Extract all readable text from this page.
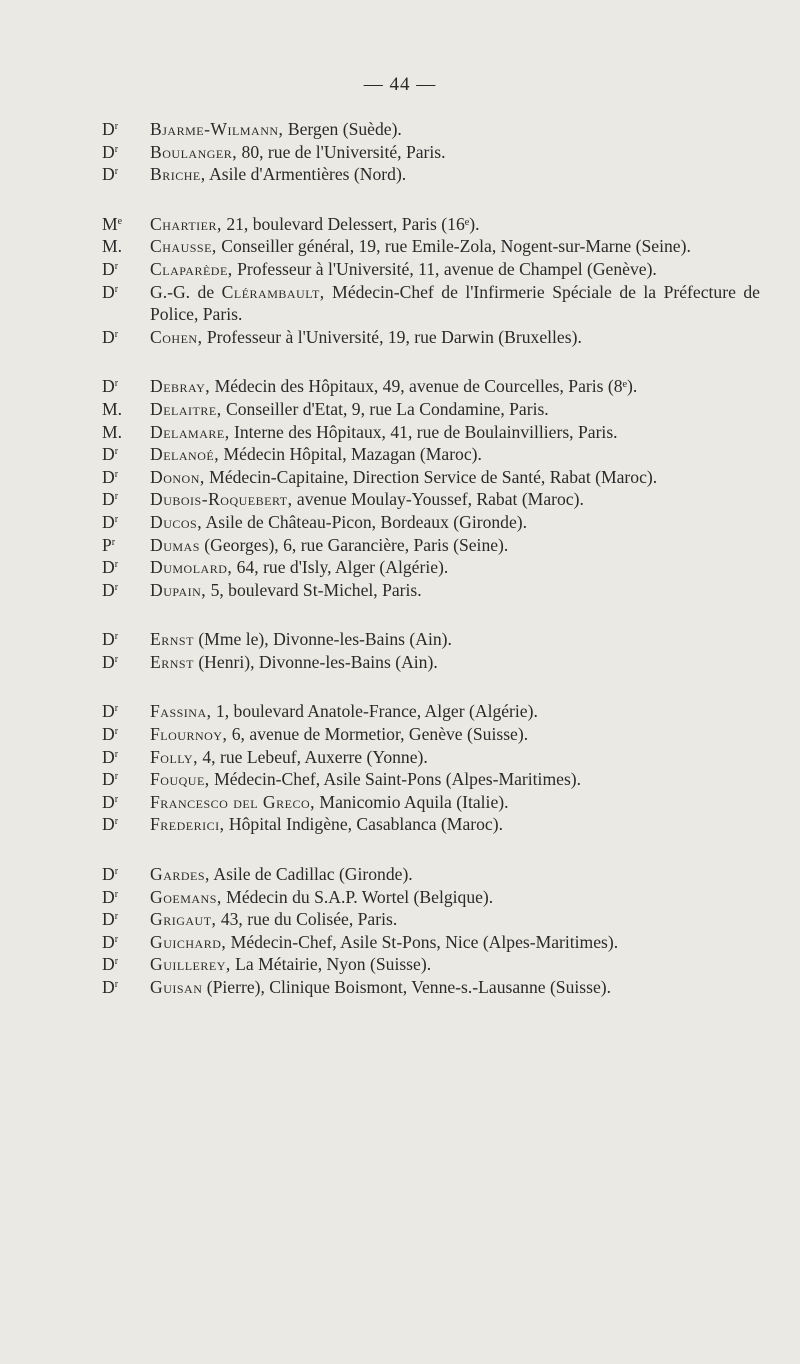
— 44 —
$D^r$	Bjarme-Wilmann, Bergen (Suède).
$D^r$	Boulanger, 80, rue de l'Université, Paris.
$D^r$	Briche, Asile d'Armentières (Nord).
Me	Chartier, 21, boulevard Delessert, Paris (16ᵉ).
M.	Chausse, Conseiller général, 19, rue Emile-Zola, Nogent-sur-Marne (Seine).
$D^r$	Claparède, Professeur à l'Université, 11, avenue de Champel (Genève).
$D^r$	G.-G. de Clérambault, Médecin-Chef de l'Infirmerie Spéciale de la Préfecture de Police, Paris.
$D^r$	Cohen, Professeur à l'Université, 19, rue Darwin (Bruxelles).
$D^r$	Debray, Médecin des Hôpitaux, 49, avenue de Courcelles, Paris (8ᵉ).
M.	Delaitre, Conseiller d'Etat, 9, rue La Condamine, Paris.
M.	Delamare, Interne des Hôpitaux, 41, rue de Boulainvilliers, Paris.
$D^r$	Delanoé, Médecin Hôpital, Mazagan (Maroc).
$D^r$	Donon, Médecin-Capitaine, Direction Service de Santé, Rabat (Maroc).
$D^r$	Dubois-Roquebert, avenue Moulay-Youssef, Rabat (Maroc).
$D^r$	Ducos, Asile de Château-Picon, Bordeaux (Gironde).
$P^r$	Dumas (Georges), 6, rue Garancière, Paris (Seine).
$D^r$	Dumolard, 64, rue d'Isly, Alger (Algérie).
$D^r$	Dupain, 5, boulevard St-Michel, Paris.
$D^r$	Ernst (Mme le), Divonne-les-Bains (Ain).
$D^r$	Ernst (Henri), Divonne-les-Bains (Ain).
$D^r$	Fassina, 1, boulevard Anatole-France, Alger (Algérie).
$D^r$	Flournoy, 6, avenue de Mormetior, Genève (Suisse).
$D^r$	Folly, 4, rue Lebeuf, Auxerre (Yonne).
$D^r$	Fouque, Médecin-Chef, Asile Saint-Pons (Alpes-Maritimes).
$D^r$	Francesco del Greco, Manicomio Aquila (Italie).
$D^r$	Frederici, Hôpital Indigène, Casablanca (Maroc).
$D^r$	Gardes, Asile de Cadillac (Gironde).
$D^r$	Goemans, Médecin du S.A.P. Wortel (Belgique).
$D^r$	Grigaut, 43, rue du Colisée, Paris.
$D^r$	Guichard, Médecin-Chef, Asile St-Pons, Nice (Alpes-Maritimes).
$D^r$	Guillerey, La Métairie, Nyon (Suisse).
$D^r$	Guisan (Pierre), Clinique Boismont, Venne-s.-Lausanne (Suisse).
